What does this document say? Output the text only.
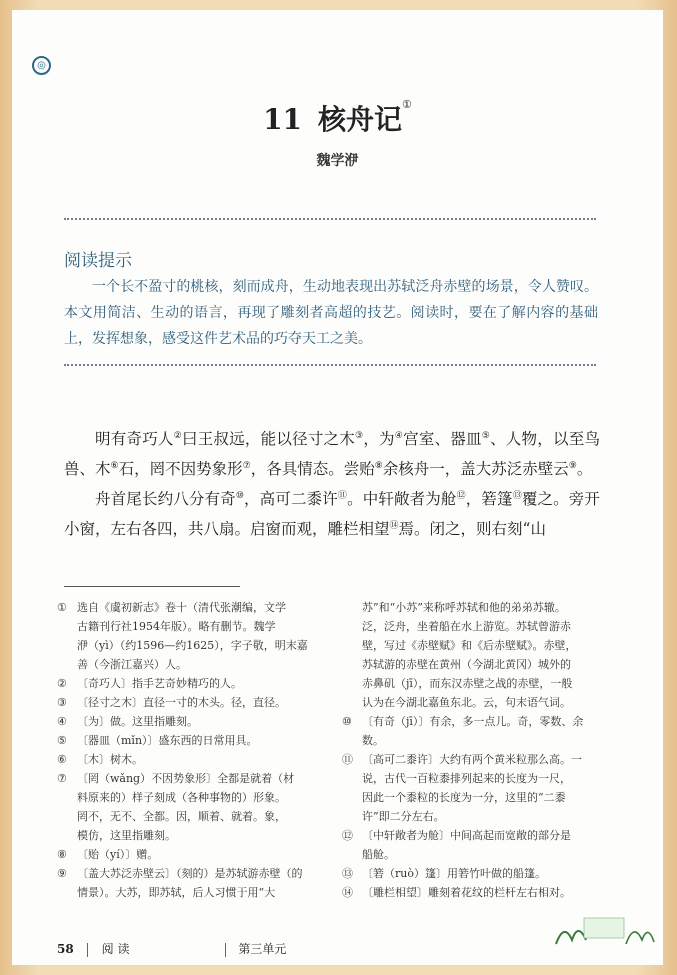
◎
11 核舟记①
魏学洢
阅读提示
一个长不盈寸的桃核，刻而成舟，生动地表现出苏轼泛舟赤壁的场景，令人赞叹。本文用简洁、生动的语言，再现了雕刻者高超的技艺。阅读时，要在了解内容的基础上，发挥想象，感受这件艺术品的巧夺天工之美。

明有奇巧人②曰王叔远，能以径寸之木③，为④宫室、器皿⑤、人物，以至鸟兽、木⑥石，罔不因势象形⑦，各具情态。尝贻⑧余核舟一，盖大苏泛赤壁云⑨。

舟首尾长约八分有奇⑩，高可二黍许⑪。中轩敞者为舱⑫，箬篷⑬覆之。旁开小窗，左右各四，共八扇。启窗而观，雕栏相望⑭焉。闭之，则右刻“山

① 选自《虞初新志》卷十（清代张潮编，文学
古籍刊行社1954年版）。略有删节。魏学
洢（yì）（约1596—约1625），字子敬，明末嘉
善（今浙江嘉兴）人。
② 〔奇巧人〕指手艺奇妙精巧的人。
③ 〔径寸之木〕直径一寸的木头。径，直径。
④ 〔为〕做。这里指雕刻。
⑤ 〔器皿（mǐn）〕盛东西的日常用具。
⑥ 〔木〕树木。
⑦ 〔罔（wǎng）不因势象形〕全都是就着（材
料原来的）样子刻成（各种事物的）形象。
罔不，无不、全都。因，顺着、就着。象，
模仿，这里指雕刻。
⑧ 〔贻（yí）〕赠。
⑨ 〔盖大苏泛赤壁云〕（刻的）是苏轼游赤壁（的
情景）。大苏，即苏轼，后人习惯于用“大
苏”和“小苏”来称呼苏轼和他的弟弟苏辙。
泛，泛舟，坐着船在水上游览。苏轼曾游赤
壁，写过《赤壁赋》和《后赤壁赋》。赤壁，
苏轼游的赤壁在黄州（今湖北黄冈）城外的
赤鼻矶（jī），而东汉赤壁之战的赤壁，一般
认为在今湖北嘉鱼东北。云，句末语气词。
⑩ 〔有奇（jī）〕有余，多一点儿。奇，零数、余数。
⑪ 〔高可二黍许〕大约有两个黄米粒那么高。一
说，古代一百粒黍排列起来的长度为一尺，
因此一个黍粒的长度为一分，这里的“二黍
许”即二分左右。
⑫ 〔中轩敞者为舱〕中间高起而宽敞的部分是
船舱。
⑬ 〔箬（ruò）篷〕用箬竹叶做的船篷。
⑭ 〔雕栏相望〕雕刻着花纹的栏杆左右相对。
58 阅 读	第三单元
